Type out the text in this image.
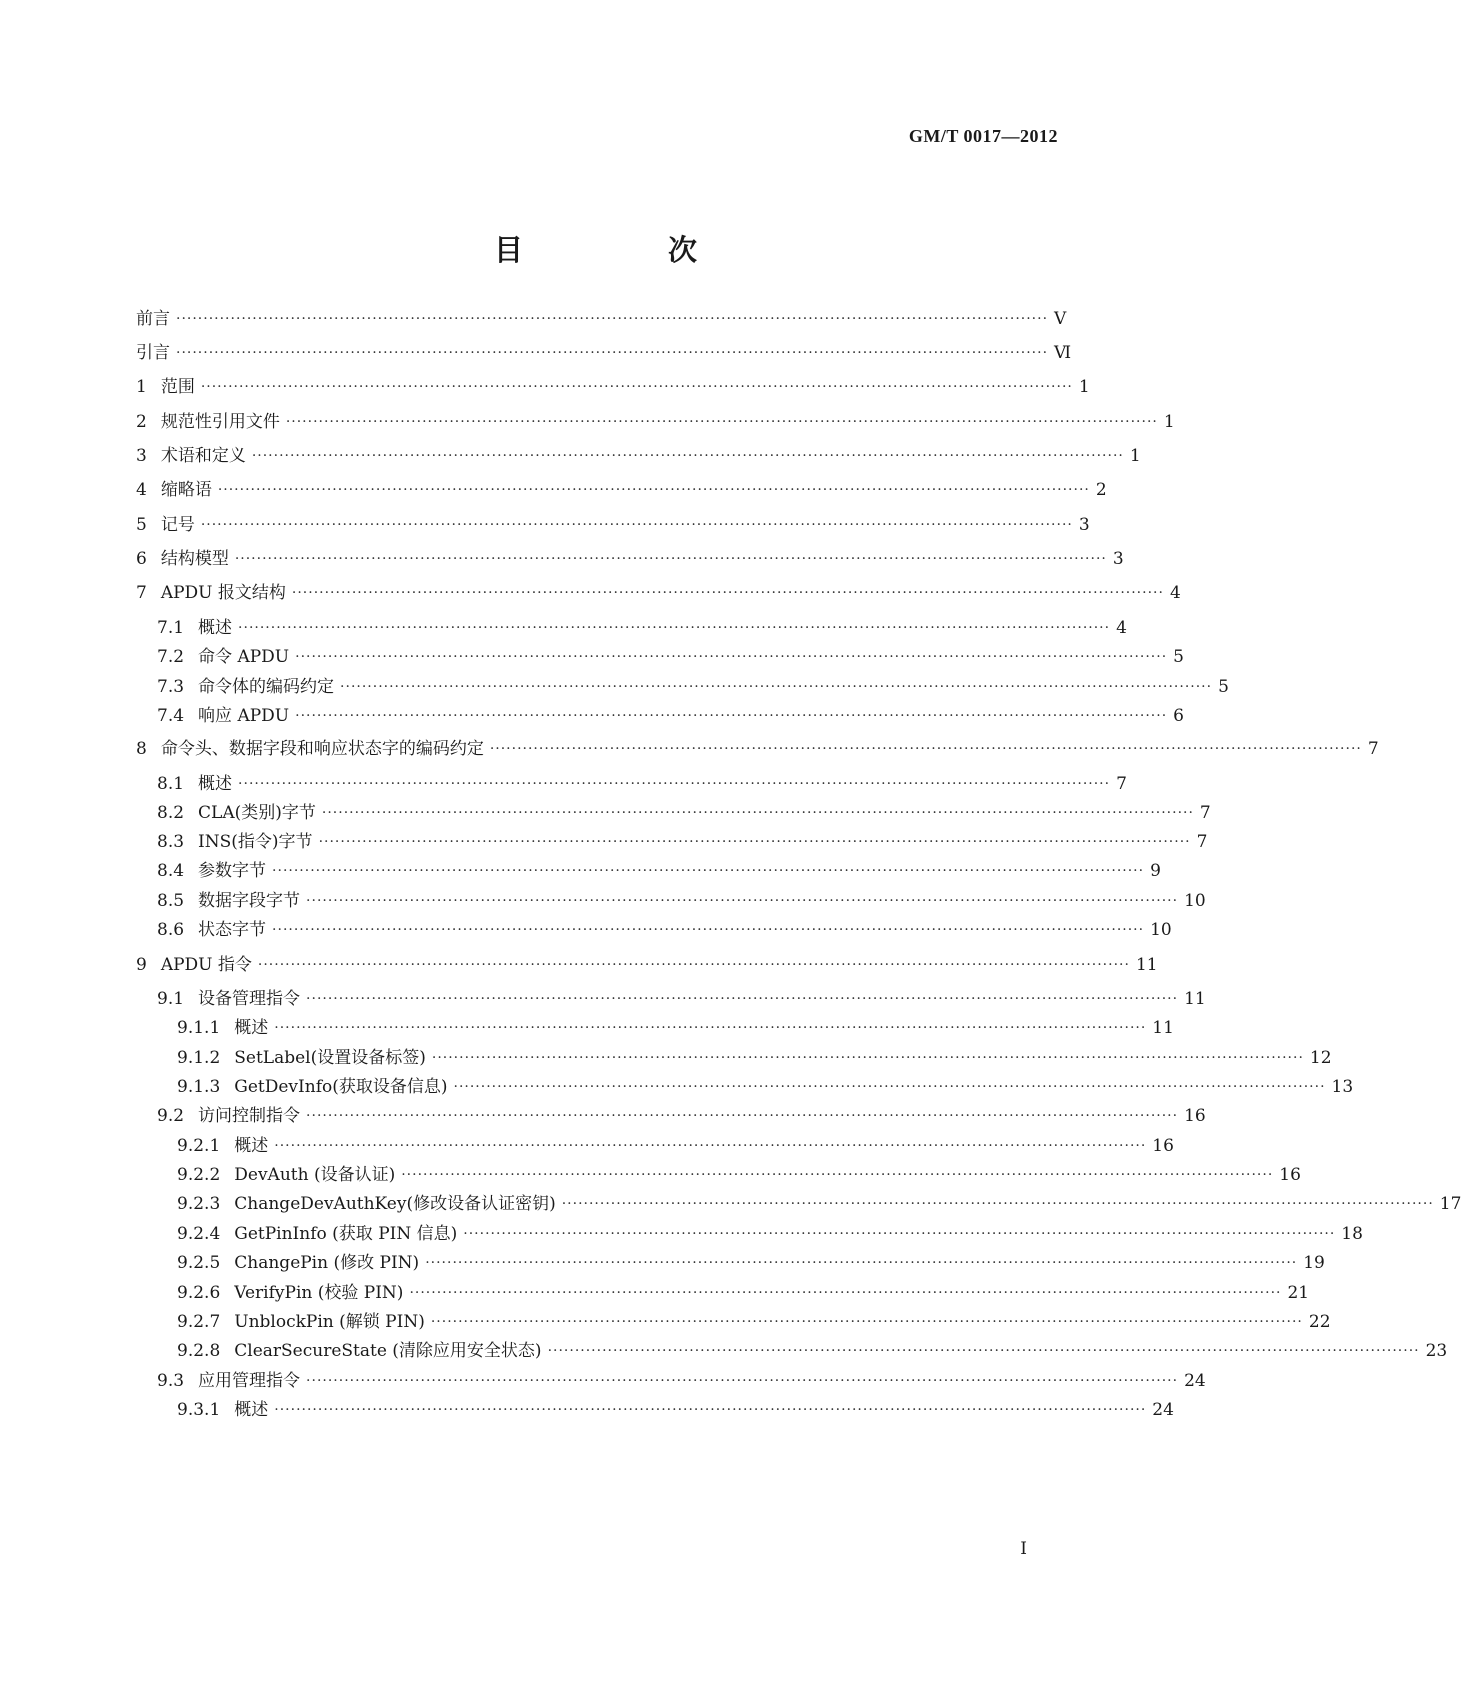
GM/T 0017—2012
目　次
前言 ································································································································································ Ⅴ
引言 ································································································································································ Ⅵ
1 范围 ································································································································································ 1
2 规范性引用文件 ································································································································································ 1
3 术语和定义 ································································································································································ 1
4 缩略语 ································································································································································ 2
5 记号 ································································································································································ 3
6 结构模型 ································································································································································ 3
7 APDU 报文结构 ································································································································································ 4
7.1 概述 ································································································································································ 4
7.2 命令 APDU ································································································································································ 5
7.3 命令体的编码约定 ································································································································································ 5
7.4 响应 APDU ································································································································································ 6
8 命令头、数据字段和响应状态字的编码约定 ································································································································································ 7
8.1 概述 ································································································································································ 7
8.2 CLA(类别)字节 ································································································································································ 7
8.3 INS(指令)字节 ································································································································································ 7
8.4 参数字节 ································································································································································ 9
8.5 数据字段字节 ································································································································································ 10
8.6 状态字节 ································································································································································ 10
9 APDU 指令 ································································································································································ 11
9.1 设备管理指令 ································································································································································ 11
9.1.1 概述 ································································································································································ 11
9.1.2 SetLabel(设置设备标签) ································································································································································ 12
9.1.3 GetDevInfo(获取设备信息) ································································································································································ 13
9.2 访问控制指令 ································································································································································ 16
9.2.1 概述 ································································································································································ 16
9.2.2 DevAuth (设备认证) ································································································································································ 16
9.2.3 ChangeDevAuthKey(修改设备认证密钥) ································································································································································ 17
9.2.4 GetPinInfo (获取 PIN 信息) ································································································································································ 18
9.2.5 ChangePin (修改 PIN) ································································································································································ 19
9.2.6 VerifyPin (校验 PIN) ································································································································································ 21
9.2.7 UnblockPin (解锁 PIN) ································································································································································ 22
9.2.8 ClearSecureState (清除应用安全状态) ································································································································································ 23
9.3 应用管理指令 ································································································································································ 24
9.3.1 概述 ································································································································································ 24
I
